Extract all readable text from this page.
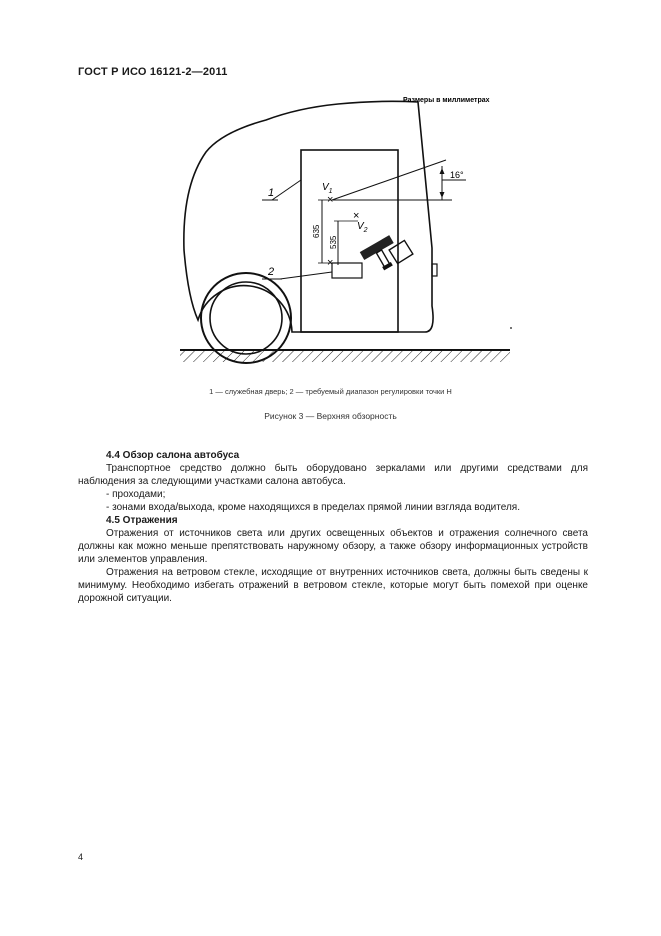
ГОСТ Р ИСО 16121-2—2011
16°
×
$V_1$
×
$V_2$
×
635
535
1
2
Размеры в миллиметрах
1 — служебная дверь; 2 — требуемый диапазон регулировки точки H
Рисунок 3 — Верхняя обзорность
4.4 Обзор салона автобуса

Транспортное средство должно быть оборудовано зеркалами или другими средствами для наблюдения за следующими участками салона автобуса.

- проходами;

- зонами входа/выхода, кроме находящихся в пределах прямой линии взгляда водителя.

4.5 Отражения

Отражения от источников света или других освещенных объектов и отражения солнечного света должны как можно меньше препятствовать наружному обзору, а также обзору информационных устройств или элементов управления.

Отражения на ветровом стекле, исходящие от внутренних источников света, должны быть сведены к минимуму. Необходимо избегать отражений в ветровом стекле, которые могут быть помехой при оценке дорожной ситуации.

4
